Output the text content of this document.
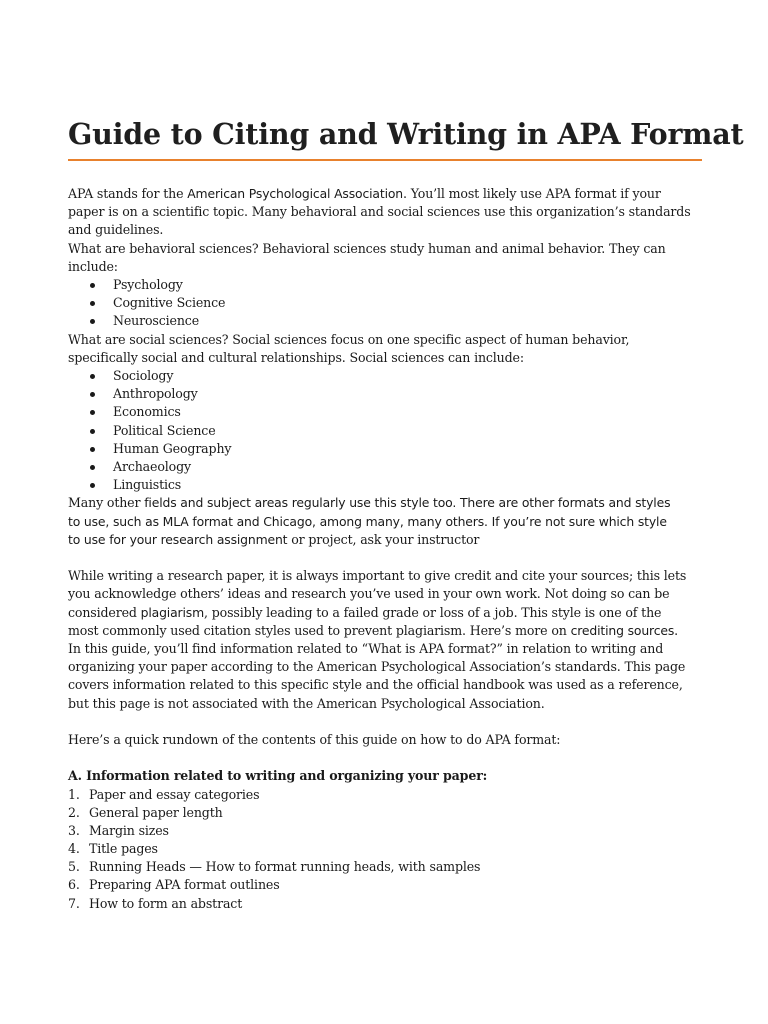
Guide to Citing and Writing in APA Format

APA stands for the American Psychological Association. You’ll most likely use APA format if your
paper is on a scientific topic. Many behavioral and social sciences use this organization’s standards
and guidelines.

What are behavioral sciences? Behavioral sciences study human and animal behavior. They can
include:

Psychology
Cognitive Science
Neuroscience

What are social sciences? Social sciences focus on one specific aspect of human behavior,
specifically social and cultural relationships. Social sciences can include:

Sociology
Anthropology
Economics
Political Science
Human Geography
Archaeology
Linguistics

Many other fields and subject areas regularly use this style too. There are other formats and styles
to use, such as MLA format and Chicago, among many, many others. If you’re not sure which style
to use for your research assignment or project, ask your instructor

While writing a research paper, it is always important to give credit and cite your sources; this lets
you acknowledge others’ ideas and research you’ve used in your own work. Not doing so can be
considered plagiarism, possibly leading to a failed grade or loss of a job. This style is one of the
most commonly used citation styles used to prevent plagiarism. Here’s more on crediting sources.
In this guide, you’ll find information related to “What is APA format?” in relation to writing and
organizing your paper according to the American Psychological Association’s standards. This page
covers information related to this specific style and the official handbook was used as a reference,
but this page is not associated with the American Psychological Association.

Here’s a quick rundown of the contents of this guide on how to do APA format:

A. Information related to writing and organizing your paper:

1. Paper and essay categories
2. General paper length
3. Margin sizes
4. Title pages
5. Running Heads — How to format running heads, with samples
6. Preparing APA format outlines
7. How to form an abstract
